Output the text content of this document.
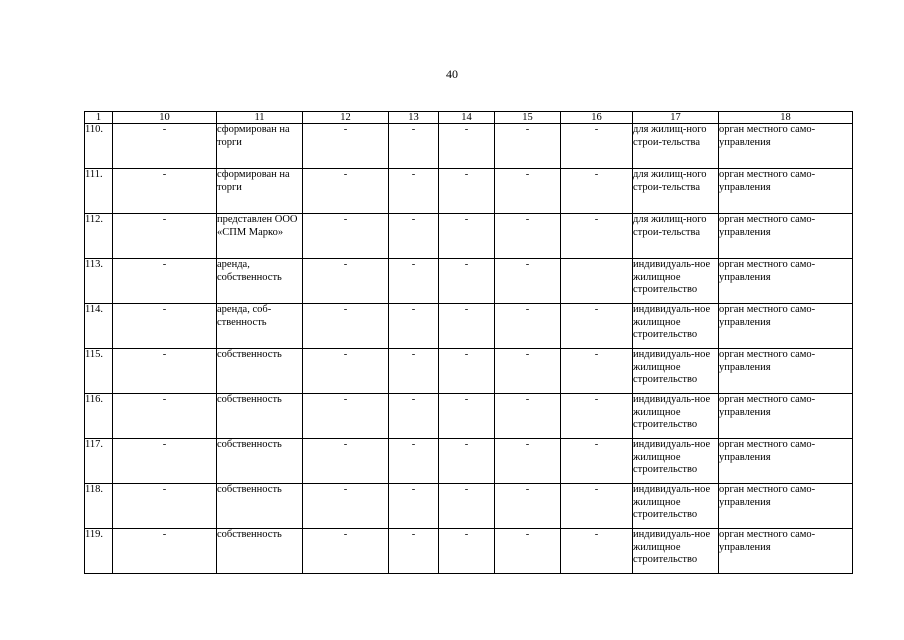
40
1	10	11	12	13	14	15	16	17	18
110.	-	сформирован на торги	-	-	-	-	-	для жилищ-ного строи-тельства	орган местного само-управления
111.	-	сформирован на торги	-	-	-	-	-	для жилищ-ного строи-тельства	орган местного само-управления
112.	-	представлен ООО «СПМ Марко»	-	-	-	-	-	для жилищ-ного строи-тельства	орган местного само-управления
113.	-	аренда, собственность	-	-	-	-		индивидуаль-ное жилищное строительство	орган местного само-управления
114.	-	аренда, соб-ственность	-	-	-	-	-	индивидуаль-ное жилищное строительство	орган местного само-управления
115.	-	собственность	-	-	-	-	-	индивидуаль-ное жилищное строительство	орган местного само-управления
116.	-	собственность	-	-	-	-	-	индивидуаль-ное жилищное строительство	орган местного само-управления
117.	-	собственность	-	-	-	-	-	индивидуаль-ное жилищное строительство	орган местного само-управления
118.	-	собственность	-	-	-	-	-	индивидуаль-ное жилищное строительство	орган местного само-управления
119.	-	собственность	-	-	-	-	-	индивидуаль-ное жилищное строительство	орган местного само-управления
